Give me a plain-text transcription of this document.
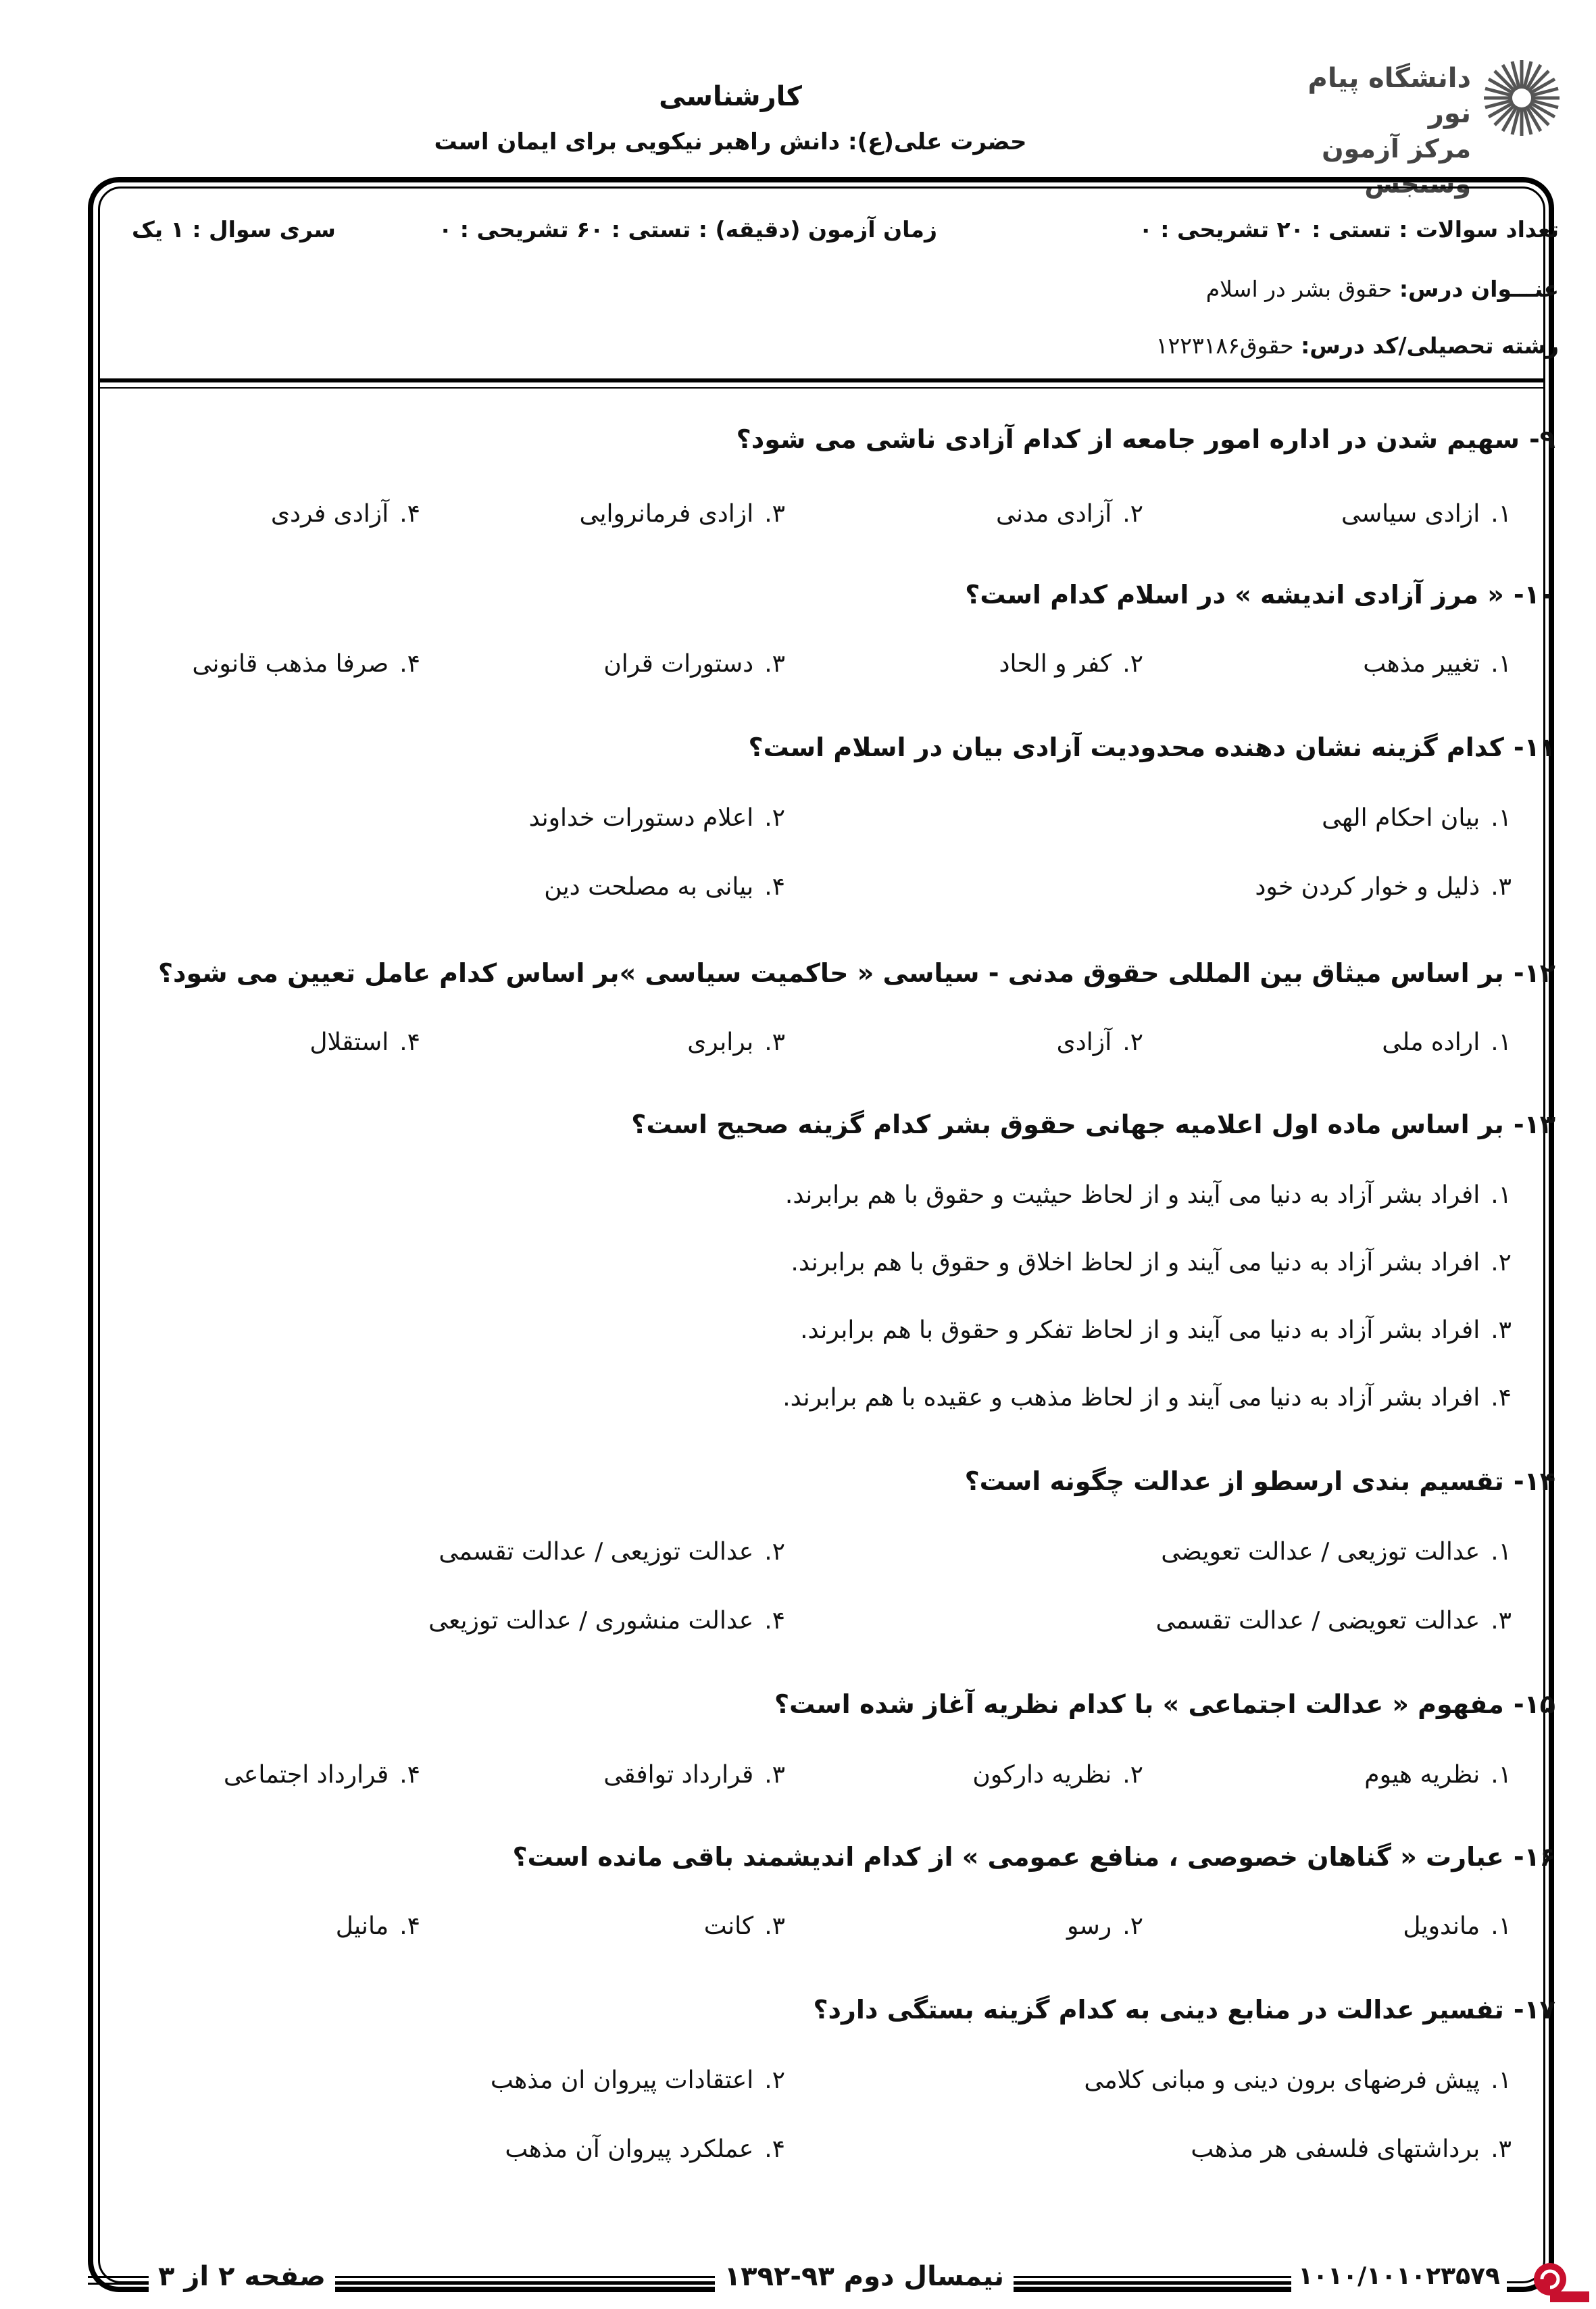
دانشگاه پیام نور
مرکز آزمون وسنجش
کارشناسی
حضرت علی(ع): دانش راهبر نیکویی برای ایمان است
تعداد سوالات : تستی : ۲۰ تشریحی : ۰
زمان آزمون (دقیقه) : تستی : ۶۰ تشریحی : ۰
سری سوال : ۱ یک
عنـــوان درس: حقوق بشر در اسلام
رشته تحصیلی/کد درس: حقوق۱۲۲۳۱۸۶
۹-سهیم شدن در اداره امور جامعه از کدام آزادی ناشی می شود؟
۱.ازادی سیاسی
۲.آزادی مدنی
۳.ازادی فرمانروایی
۴.آزادی فردی
۱۰-« مرز آزادی اندیشه » در اسلام کدام است؟
۱.تغییر مذهب
۲.کفر و الحاد
۳.دستورات قران
۴.صرفا مذهب قانونی
۱۱-کدام گزینه نشان دهنده محدودیت آزادی بیان در اسلام است؟
۱.بیان احکام الهی
۲.اعلام دستورات خداوند
۳.ذلیل و خوار کردن خود
۴.بیانی به مصلحت دین
۱۲-بر اساس میثاق بین المللی حقوق مدنی - سیاسی « حاکمیت سیاسی »بر اساس کدام عامل تعیین می شود؟
۱.اراده ملی
۲.آزادی
۳.برابری
۴.استقلال
۱۳-بر اساس ماده اول اعلامیه جهانی حقوق بشر کدام گزینه صحیح است؟
۱.افراد بشر آزاد به دنیا می آیند و از لحاظ حیثیت و حقوق با هم برابرند.
۲.افراد بشر آزاد به دنیا می آیند و از لحاظ اخلاق و حقوق با هم برابرند.
۳.افراد بشر آزاد به دنیا می آیند و از لحاظ تفکر و حقوق با هم برابرند.
۴.افراد بشر آزاد به دنیا می آیند و از لحاظ مذهب و عقیده با هم برابرند.
۱۴-تقسیم بندی ارسطو از عدالت چگونه است؟
۱.عدالت توزیعی / عدالت تعویضی
۲.عدالت توزیعی / عدالت تقسمی
۳.عدالت تعویضی / عدالت تقسمی
۴.عدالت منشوری / عدالت توزیعی
۱۵-مفهوم « عدالت اجتماعی » با کدام نظریه آغاز شده است؟
۱.نظریه هیوم
۲.نظریه دارکون
۳.قرارداد توافقی
۴.قرارداد اجتماعی
۱۶-عبارت « گناهان خصوصی ، منافع عمومی » از کدام اندیشمند باقی مانده است؟
۱.ماندویل
۲.رسو
۳.کانت
۴.مانیل
۱۷-تفسیر عدالت در منابع دینی به کدام گزینه بستگی دارد؟
۱.پیش فرضهای برون دینی و مبانی کلامی
۲.اعتقادات پیروان ان مذهب
۳.برداشتهای فلسفی هر مذهب
۴.عملکرد پیروان آن مذهب
۱۰۱۰/۱۰۱۰۲۳۵۷۹
نیمسال دوم ۹۳-۱۳۹۲
صفحه ۲ از ۳
